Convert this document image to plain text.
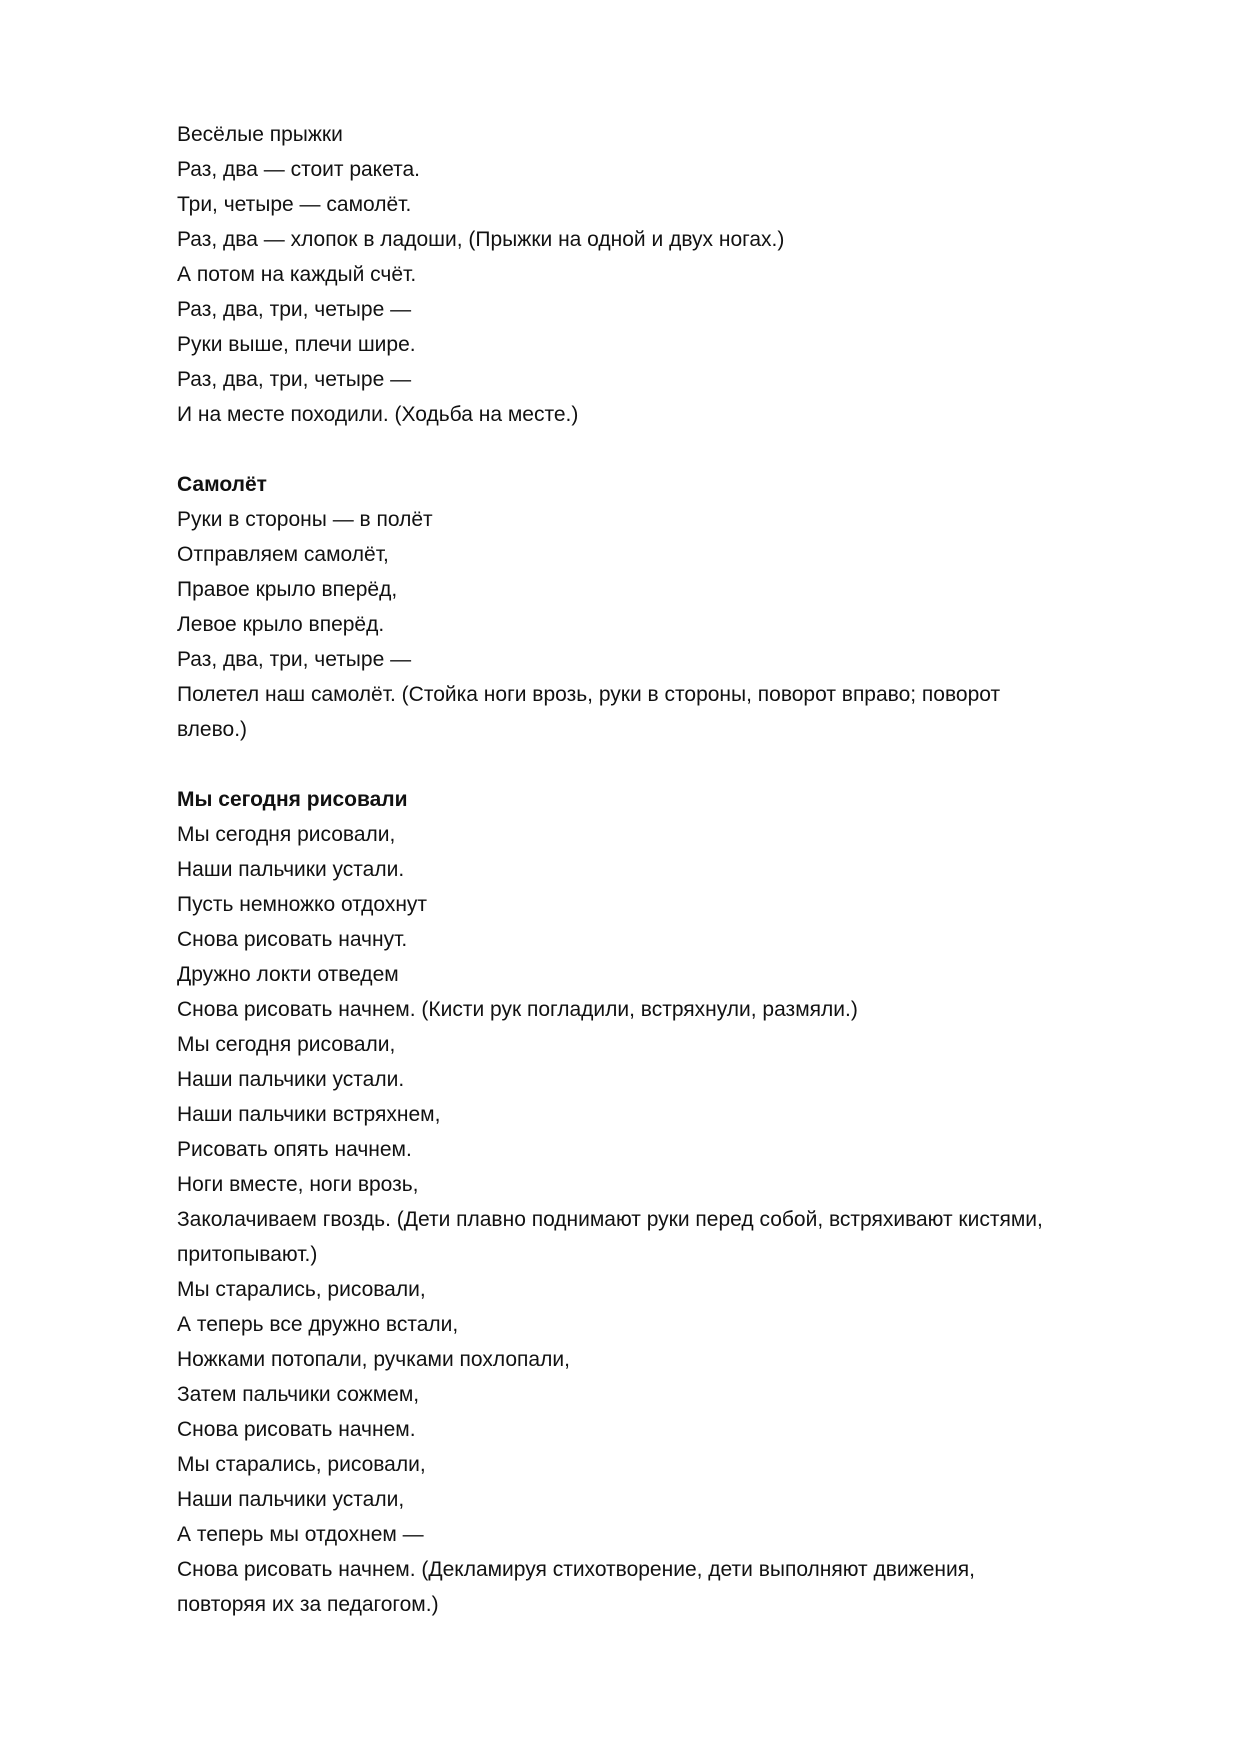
Весёлые прыжки

Раз, два — стоит ракета.

Три, четыре — самолёт.

Раз, два — хлопок в ладоши, (Прыжки на одной и двух ногах.)

А потом на каждый счёт.

Раз, два, три, четыре —

Руки выше, плечи шире.

Раз, два, три, четыре —

И на месте походили. (Ходьба на месте.)

Самолёт

Руки в стороны — в полёт

Отправляем самолёт,

Правое крыло вперёд,

Левое крыло вперёд.

Раз, два, три, четыре —

Полетел наш самолёт. (Стойка ноги врозь, руки в стороны, поворот вправо; поворот

влево.)

Мы сегодня рисовали

Мы сегодня рисовали,

Наши пальчики устали.

Пусть немножко отдохнут

Снова рисовать начнут.

Дружно локти отведем

Снова рисовать начнем. (Кисти рук погладили, встряхнули, размяли.)

Мы сегодня рисовали,

Наши пальчики устали.

Наши пальчики встряхнем,

Рисовать опять начнем.

Ноги вместе, ноги врозь,

Заколачиваем гвоздь. (Дети плавно поднимают руки перед собой, встряхивают кистями,

притопывают.)

Мы старались, рисовали,

А теперь все дружно встали,

Ножками потопали, ручками похлопали,

Затем пальчики сожмем,

Снова рисовать начнем.

Мы старались, рисовали,

Наши пальчики устали,

А теперь мы отдохнем —

Снова рисовать начнем. (Декламируя стихотворение, дети выполняют движения,

повторяя их за педагогом.)
